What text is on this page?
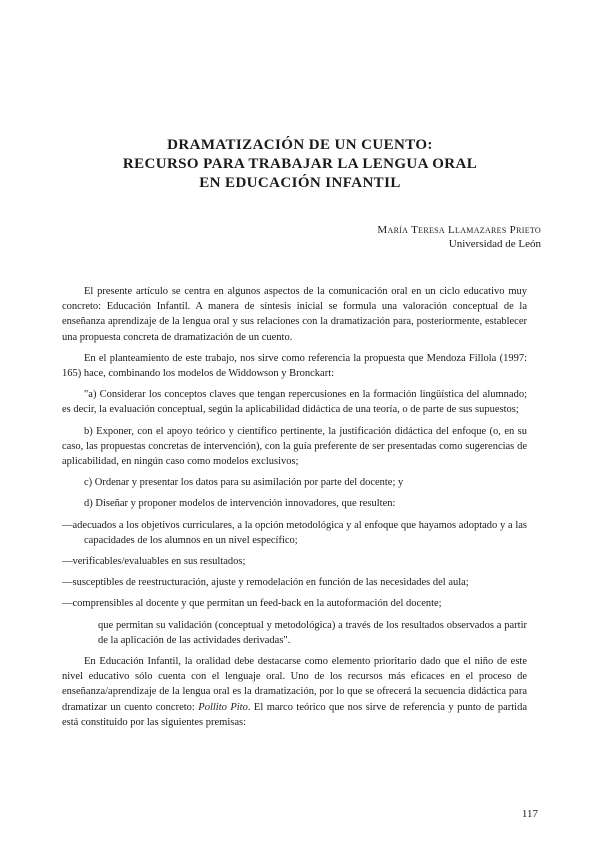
DRAMATIZACIÓN DE UN CUENTO:
RECURSO PARA TRABAJAR LA LENGUA ORAL
EN EDUCACIÓN INFANTIL
María Teresa Llamazares Prieto
Universidad de León

El presente artículo se centra en algunos aspectos de la comunicación oral en un ciclo educativo muy concreto: Educación Infantil. A manera de síntesis inicial se formula una valoración conceptual de la enseñanza aprendizaje de la lengua oral y sus relaciones con la dramatización para, posteriormente, establecer una propuesta concreta de dramatización de un cuento.

En el planteamiento de este trabajo, nos sirve como referencia la propuesta que Mendoza Fillola (1997: 165) hace, combinando los modelos de Widdowson y Bronckart:

"a) Considerar los conceptos claves que tengan repercusiones en la formación lingüística del alumnado; es decir, la evaluación conceptual, según la aplicabilidad didáctica de una teoría, o de parte de sus supuestos;

b) Exponer, con el apoyo teórico y científico pertinente, la justificación didáctica del enfoque (o, en su caso, las propuestas concretas de intervención), con la guía preferente de ser presentadas como sugerencias de aplicabilidad, en ningún caso como modelos exclusivos;

c) Ordenar y presentar los datos para su asimilación por parte del docente; y

d) Diseñar y proponer modelos de intervención innovadores, que resulten:

—adecuados a los objetivos curriculares, a la opción metodológica y al enfoque que hayamos adoptado y a las capacidades de los alumnos en un nivel específico;

—verificables/evaluables en sus resultados;

—susceptibles de reestructuración, ajuste y remodelación en función de las necesidades del aula;

—comprensibles al docente y que permitan un feed-back en la autoformación del docente;

que permitan su validación (conceptual y metodológica) a través de los resultados observados a partir de la aplicación de las actividades derivadas".

En Educación Infantil, la oralidad debe destacarse como elemento prioritario dado que el niño de este nivel educativo sólo cuenta con el lenguaje oral. Uno de los recursos más eficaces en el proceso de enseñanza/aprendizaje de la lengua oral es la dramatización, por lo que se ofrecerá la secuencia didáctica para dramatizar un cuento concreto: Pollito Pito. El marco teórico que nos sirve de referencia y punto de partida está constituido por las siguientes premisas:

117
